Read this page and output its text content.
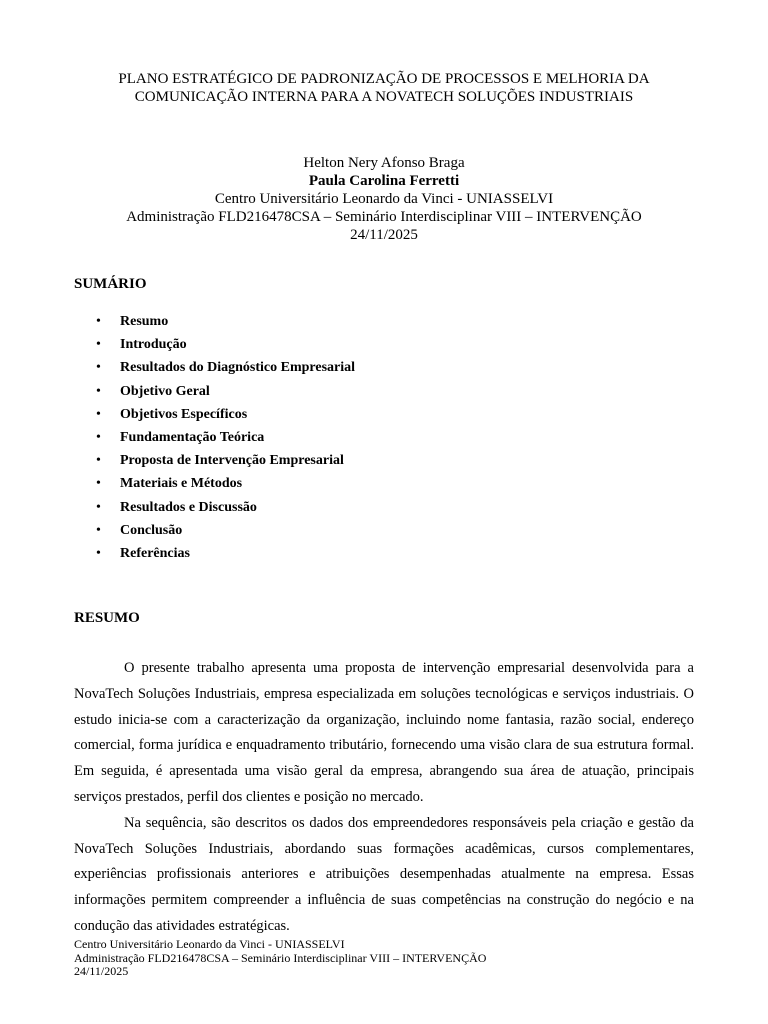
PLANO ESTRATÉGICO DE PADRONIZAÇÃO DE PROCESSOS E MELHORIA DA
COMUNICAÇÃO INTERNA PARA A NOVATECH SOLUÇÕES INDUSTRIAIS
Helton Nery Afonso Braga
Paula Carolina Ferretti
Centro Universitário Leonardo da Vinci - UNIASSELVI
Administração FLD216478CSA – Seminário Interdisciplinar VIII – INTERVENÇÃO
24/11/2025
SUMÁRIO
• Resumo
• Introdução
• Resultados do Diagnóstico Empresarial
• Objetivo Geral
• Objetivos Específicos
• Fundamentação Teórica
• Proposta de Intervenção Empresarial
• Materiais e Métodos
• Resultados e Discussão
• Conclusão
• Referências
RESUMO

O presente trabalho apresenta uma proposta de intervenção empresarial desenvolvida para a NovaTech Soluções Industriais, empresa especializada em soluções tecnológicas e serviços industriais. O estudo inicia-se com a caracterização da organização, incluindo nome fantasia, razão social, endereço comercial, forma jurídica e enquadramento tributário, fornecendo uma visão clara de sua estrutura formal. Em seguida, é apresentada uma visão geral da empresa, abrangendo sua área de atuação, principais serviços prestados, perfil dos clientes e posição no mercado.

Na sequência, são descritos os dados dos empreendedores responsáveis pela criação e gestão da NovaTech Soluções Industriais, abordando suas formações acadêmicas, cursos complementares, experiências profissionais anteriores e atribuições desempenhadas atualmente na empresa. Essas informações permitem compreender a influência de suas competências na construção do negócio e na condução das atividades estratégicas.

Centro Universitário Leonardo da Vinci - UNIASSELVI
Administração FLD216478CSA – Seminário Interdisciplinar VIII – INTERVENÇÃO
24/11/2025
